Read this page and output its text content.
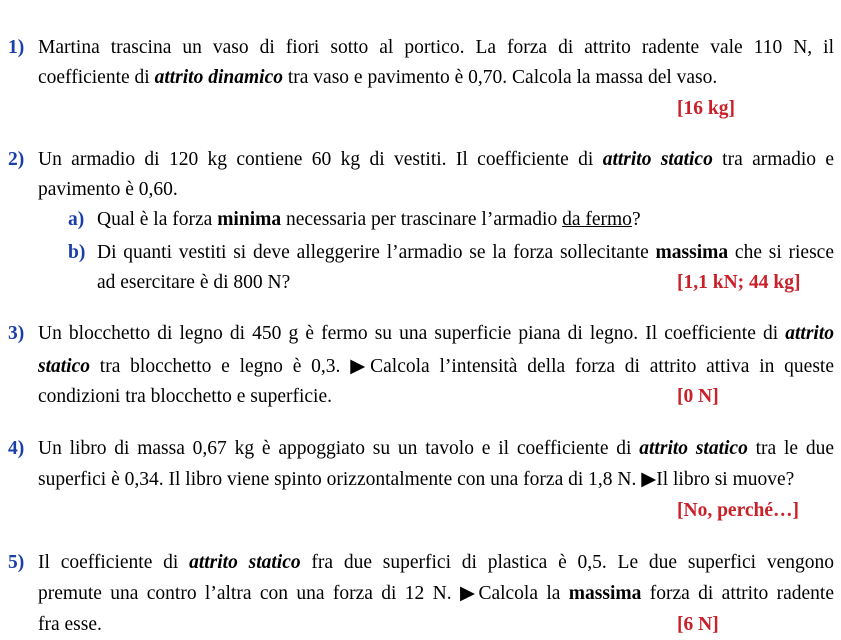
1) Martina trascina un vaso di fiori sotto al portico. La forza di attrito radente vale 110 N, il
coefficiente di attrito dinamico tra vaso e pavimento è 0,70. Calcola la massa del vaso.
[16 kg]
2) Un armadio di 120 kg contiene 60 kg di vestiti. Il coefficiente di attrito statico tra armadio e
pavimento è 0,60.
a) Qual è la forza minima necessaria per trascinare l’armadio da fermo?
b) Di quanti vestiti si deve alleggerire l’armadio se la forza sollecitante massima che si riesce
ad esercitare è di 800 N?	[1,1 kN; 44 kg]
3) Un blocchetto di legno di 450 g è fermo su una superficie piana di legno. Il coefficiente di attrito
statico tra blocchetto e legno è 0,3. ▶Calcola l’intensità della forza di attrito attiva in queste
condizioni tra blocchetto e superficie.	[0 N]
4) Un libro di massa 0,67 kg è appoggiato su un tavolo e il coefficiente di attrito statico tra le due
superfici è 0,34. Il libro viene spinto orizzontalmente con una forza di 1,8 N. ▶Il libro si muove?
[No, perché…]
5) Il coefficiente di attrito statico fra due superfici di plastica è 0,5. Le due superfici vengono
premute una contro l’altra con una forza di 12 N. ▶Calcola la massima forza di attrito radente
fra esse.	[6 N]
